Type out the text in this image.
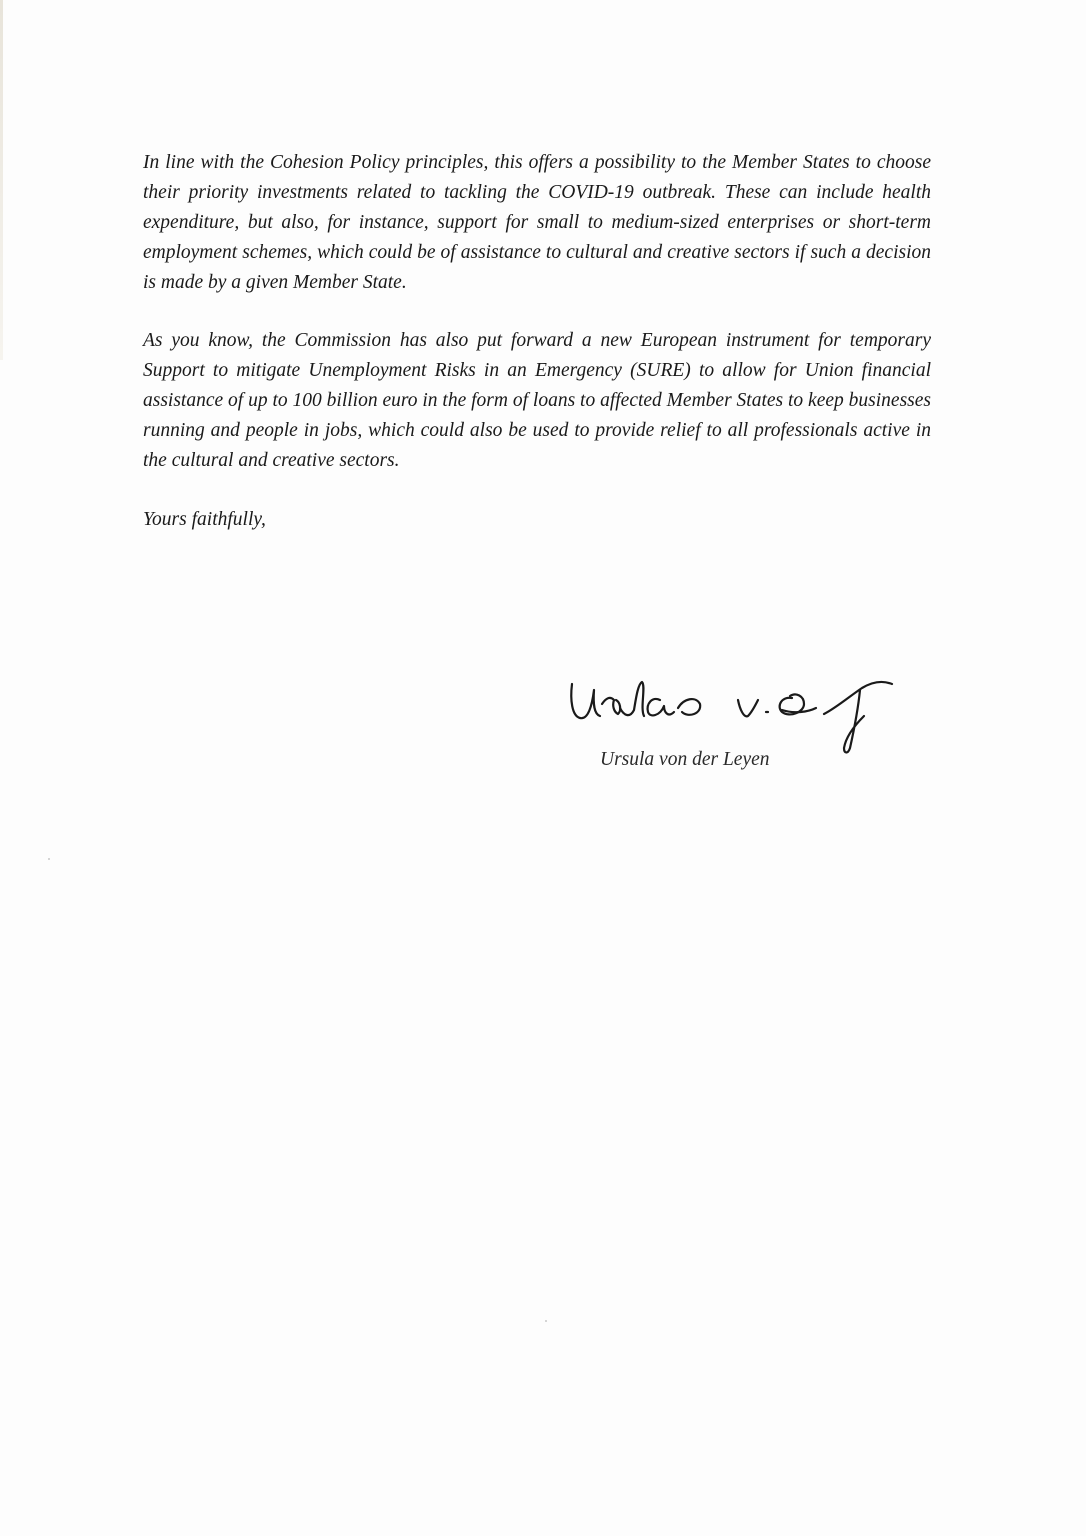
In line with the Cohesion Policy principles, this offers a possibility to the Member States to choose their priority investments related to tackling the COVID-19 outbreak. These can include health expenditure, but also, for instance, support for small to medium-sized enterprises or short-term employment schemes, which could be of assistance to cultural and creative sectors if such a decision is made by a given Member State.

As you know, the Commission has also put forward a new European instrument for temporary Support to mitigate Unemployment Risks in an Emergency (SURE) to allow for Union financial assistance of up to 100 billion euro in the form of loans to affected Member States to keep businesses running and people in jobs, which could also be used to provide relief to all professionals active in the cultural and creative sectors.

Yours faithfully,

Ursula von der Leyen
